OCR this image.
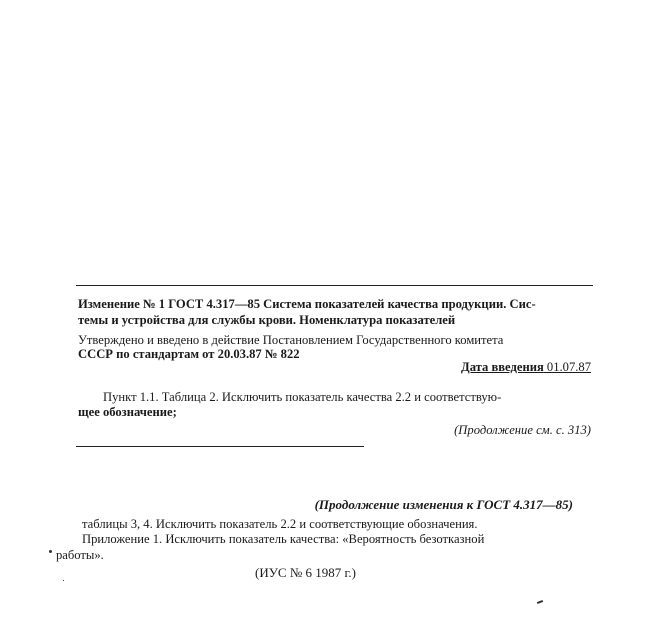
Изменение № 1 ГОСТ 4.317—85 Система показателей качества продукции. Сис-
темы и устройства для службы крови. Номенклатура показателей
Утверждено и введено в действие Постановлением Государственного комитета
СССР по стандартам от 20.03.87 № 822
Дата введения 01.07.87
Пункт 1.1. Таблица 2. Исключить показатель качества 2.2 и соответствую-
щее обозначение;
(Продолжение см. с. 313)
(Продолжение изменения к ГОСТ 4.317—85)
таблицы 3, 4. Исключить показатель 2.2 и соответствующие обозначения.
Приложение 1. Исключить показатель качества: «Вероятность безотказной
работы».
(ИУС № 6 1987 г.)
